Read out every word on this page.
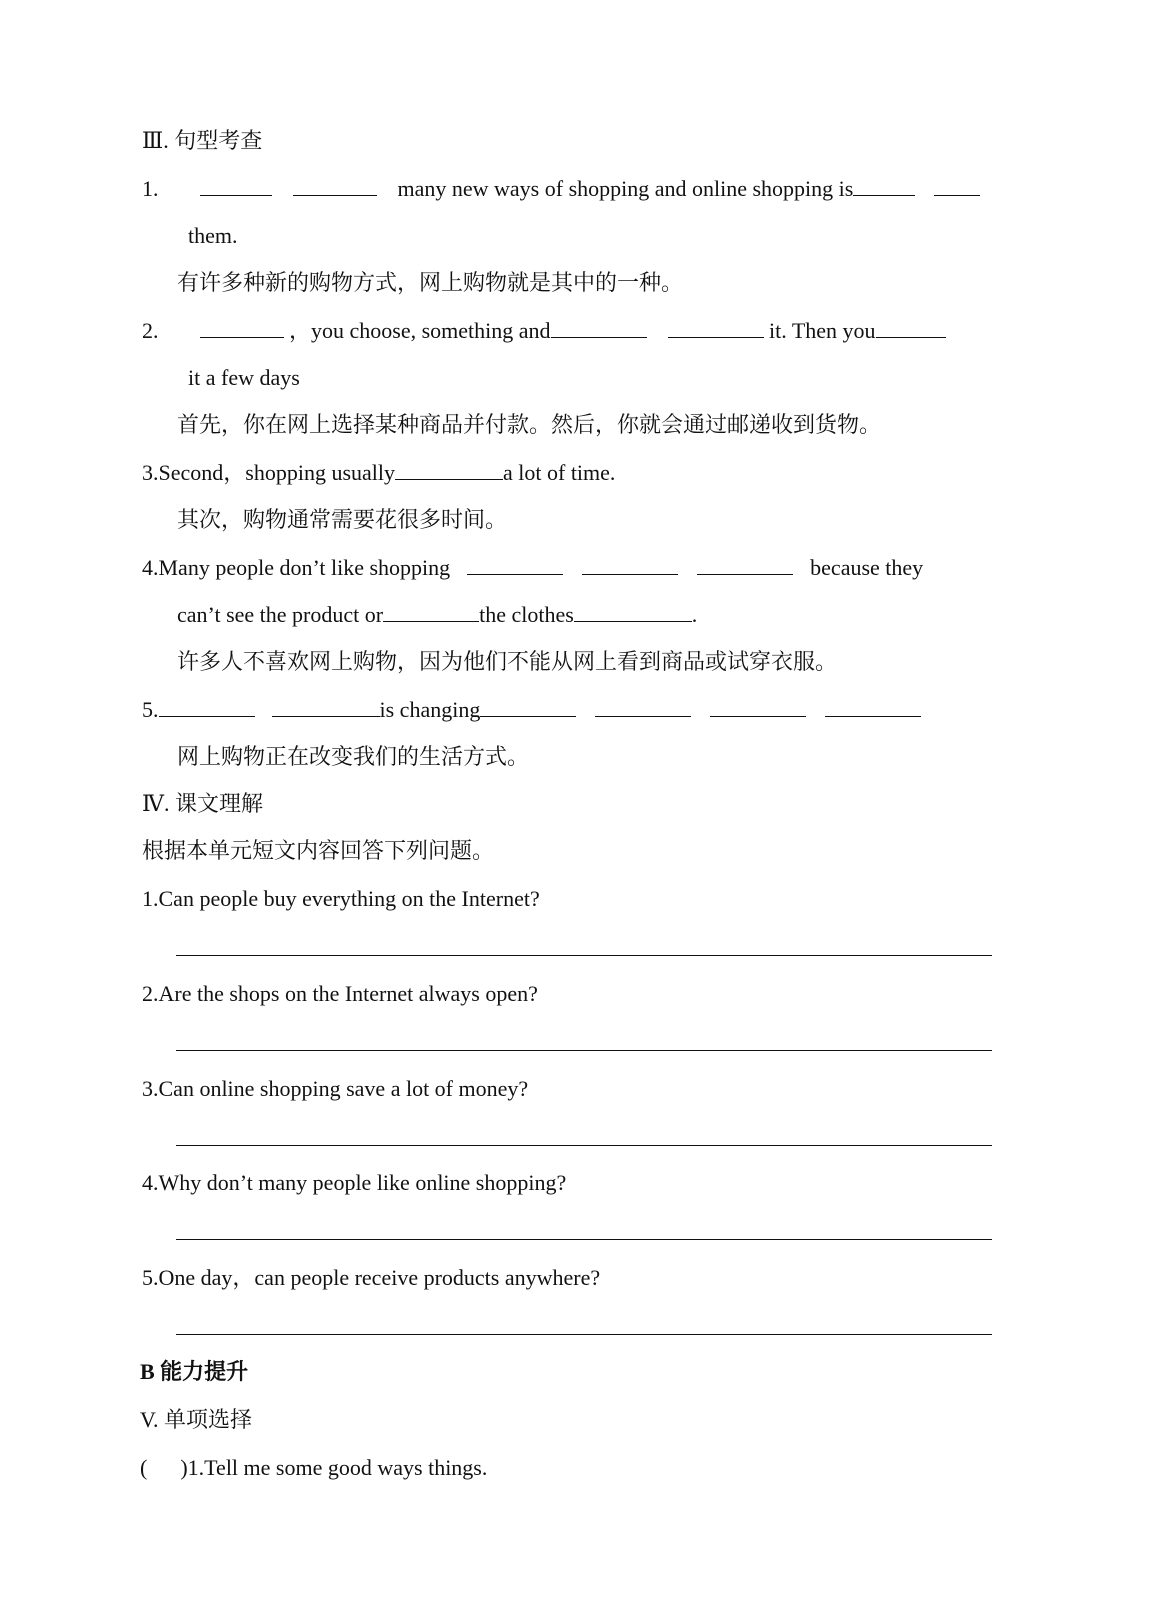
Ⅲ. 句型考查
1.	many new ways of shopping and online shopping is
them.
有许多种新的购物方式，网上购物就是其中的一种。
2.	，you choose, something and	it. Then you
it a few days
首先，你在网上选择某种商品并付款。然后，你就会通过邮递收到货物。
3.Second，shopping usually	a lot of time.
其次，购物通常需要花很多时间。
4.Many people don’t like shopping	because they
can’t see the product or	the clothes	.
许多人不喜欢网上购物，因为他们不能从网上看到商品或试穿衣服。
5.	is changing
网上购物正在改变我们的生活方式。
Ⅳ. 课文理解
根据本单元短文内容回答下列问题。
1.Can people buy everything on the Internet?
2.Are the shops on the Internet always open?
3.Can online shopping save a lot of money?
4.Why don’t many people like online shopping?
5.One day，can people receive products anywhere?
B 能力提升
V. 单项选择
(      )1.Tell me some good ways things.
